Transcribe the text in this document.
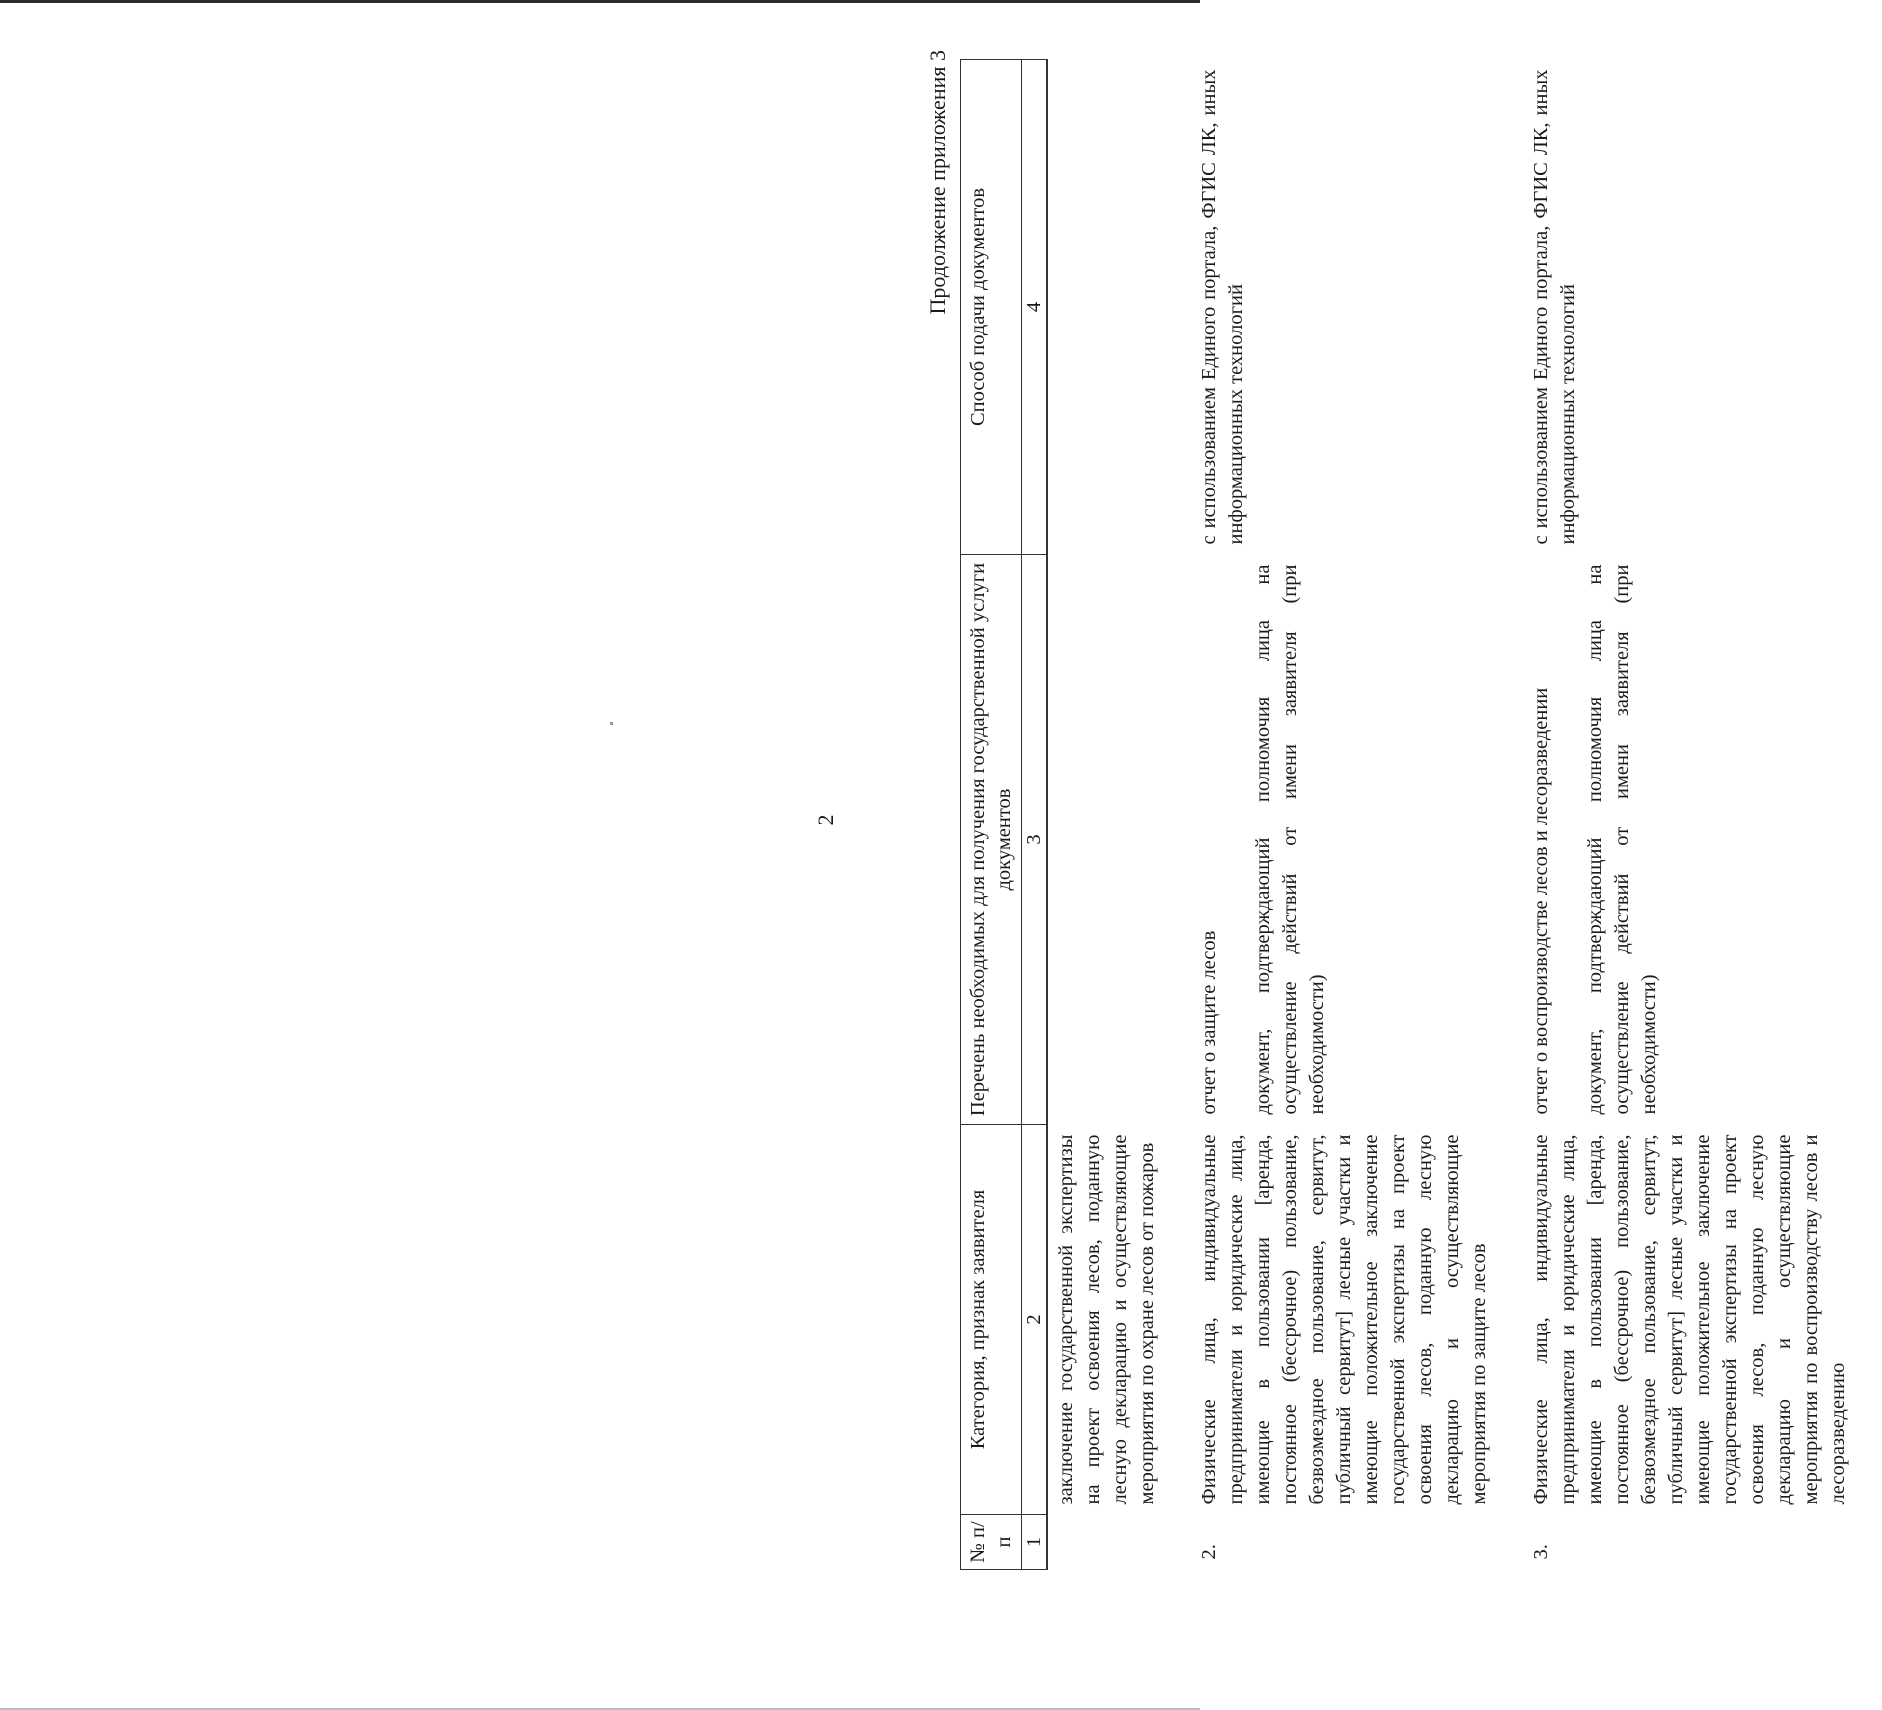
2
Продолжение приложения 3
№ п/п	Категория, признак заявителя	Перечень необходимых для получения государственной услуги документов	Способ подачи документов
1	2	3	4
	заключение государственной экспертизы на проект освоения лесов, поданную лесную декларацию и осуществляющие мероприятия по охране лесов от пожаров		
2.	Физические лица, индивидуальные предприниматели и юридические лица, имеющие в пользовании [аренда, постоянное (бессрочное) пользование, безвозмездное пользование, сервитут, публичный сервитут] лесные участки и имеющие положительное заключение государственной экспертизы на проект освоения лесов, поданную лесную декларацию и осуществляющие мероприятия по защите лесов	отчет о защите лесов документ, подтверждающий полномочия лица на осуществление действий от имени заявителя (при необходимости)	с использованием Единого портала, ФГИС ЛК, иных информационных технологий
3.	Физические лица, индивидуальные предприниматели и юридические лица, имеющие в пользовании [аренда, постоянное (бессрочное) пользование, безвозмездное пользование, сервитут, публичный сервитут] лесные участки и имеющие положительное заключение государственной экспертизы на проект освоения лесов, поданную лесную декларацию и осуществляющие мероприятия по воспроизводству лесов и лесоразведению	отчет о воспроизводстве лесов и лесоразведении документ, подтверждающий полномочия лица на осуществление действий от имени заявителя (при необходимости)	с использованием Единого портала, ФГИС ЛК, иных информационных технологий
